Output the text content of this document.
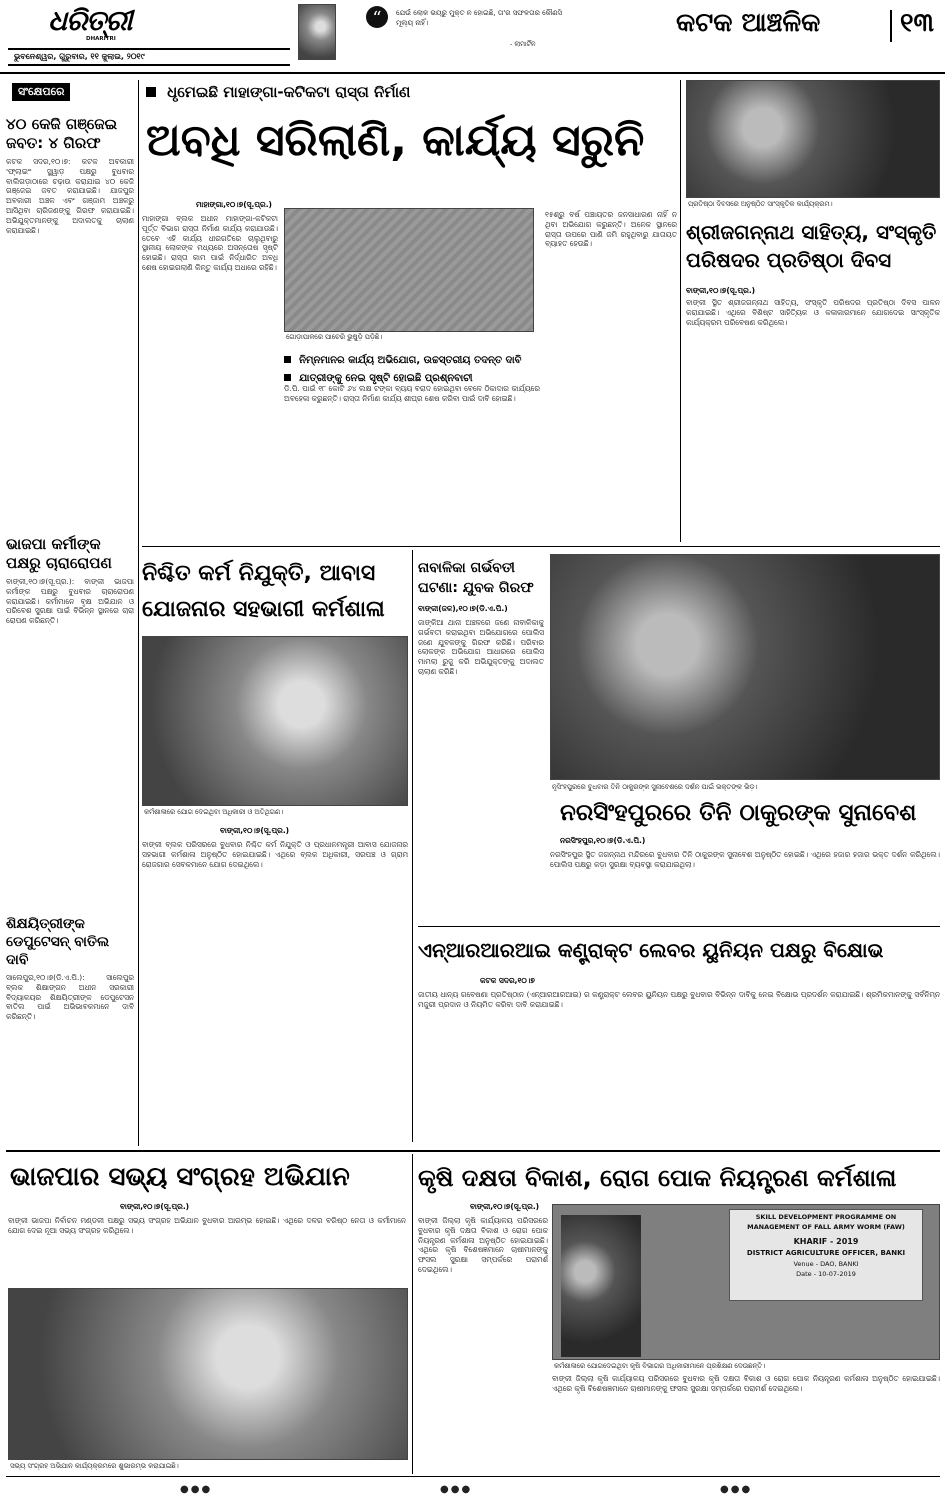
ଧରିତ୍ରୀ
DHARITRI
ଭୁବନେଶ୍ୱର, ଗୁରୁବାର, ୧୧ ଜୁଲାଇ, ୨୦୧୯
“	ଯେଉଁ ଲୋକ ଭୟରୁ ମୁକ୍ତ ନ ହୋଇଛି, ତା'ର ସଫଳତାର କୌଣସି ମୂଲ୍ୟ ନାହିଁ।
- ଲାମାର୍ଟିନ
କଟକ ଆଞ୍ଚଳିକ	୧୩
ସଂକ୍ଷେପରେ
୪୦ କେଜି ଗଞ୍ଜେଇ ଜବତ: ୪ ଗିରଫ
କଟକ ସଦର,୧୦।୭: କଟକ ଅବକାରୀ 'ଫ୍ଲାଇଂ' ସ୍କ୍ୱାଡ଼ ପକ୍ଷରୁ ବୁଧବାର ବାଲିଗଡ଼ାଠାରେ ଚଢ଼ାଉ କରାଯାଇ ୪୦ କେଜି ଗଞ୍ଜେଇ ଜବତ କରାଯାଇଛି। ଯାଜପୁର ଅବକାରୀ ଅଞ୍ଚଳ ଏବଂ ଗଞ୍ଜାମ ଅଞ୍ଚଳରୁ ଆସିଥିବା ଚାରିଜଣଙ୍କୁ ଗିରଫ କରାଯାଇଛି। ଅଭିଯୁକ୍ତମାନଙ୍କୁ ଅଦାଲତକୁ ଚାଲାଣ କରାଯାଇଛି।
ଭାଜପା କର୍ମୀଙ୍କ ପକ୍ଷରୁ ଚାରାରୋପଣ
ବାଙ୍କୀ,୧୦।୭(ସୂ.ପ୍ର.): ବାଙ୍କୀ ଭାଜପା କର୍ମୀଙ୍କ ପକ୍ଷରୁ ବୁଧବାର ଚାରାରୋପଣ କରାଯାଇଛି। କର୍ମୀମାନେ ବୃକ୍ଷ ଅଭିଯାନ ଓ ପରିବେଶ ସୁରକ୍ଷା ପାଇଁ ବିଭିନ୍ନ ସ୍ଥାନରେ ଚାରା ରୋପଣ କରିଛନ୍ତି।
ଶିକ୍ଷୟିତ୍ରୀଙ୍କ ଡେପୁଟେସନ୍ ବାତିଲ ଦାବି
ସାଲେପୁର,୧୦।୭(ଡି.ଏ.ପି.): ସାଲେପୁର ବ୍ଲକ ଶିକ୍ଷାଙ୍ଗନ ଅଧୀନ ସରକାରୀ ବିଦ୍ୟାଳୟର ଶିକ୍ଷୟିତ୍ରୀଙ୍କ ଡେପୁଟେସନ ବାତିଲ ପାଇଁ ଅଭିଭାବକମାନେ ଦାବି କରିଛନ୍ତି।
ଧୃମେଇଛି ମାହାଙ୍ଗା-କଟିକଟା ରାସ୍ତା ନିର୍ମାଣ
ଅବଧି ସରିଲାଣି, କାର୍ଯ୍ୟ ସରୁନି
ମାହାଙ୍ଗା,୧୦।୭(ସୂ.ପ୍ର.)
ମାହାଙ୍ଗା ବ୍ଲକ ଅଧୀନ ମାହାଙ୍ଗା-କଟିକଟା ପୂର୍ତ୍ତ ବିଭାଗ ରାସ୍ତା ନିର୍ମାଣ କାର୍ଯ୍ୟ କରାଯାଉଛି। ତେବେ ଏହି କାର୍ଯ୍ୟ ଧୀରଗତିରେ ଚାଲୁଥିବାରୁ ସ୍ଥାନୀୟ ଲୋକଙ୍କ ମଧ୍ୟରେ ଅସନ୍ତୋଷ ସୃଷ୍ଟି ହୋଇଛି। ରାସ୍ତା କାମ ପାଇଁ ନିର୍ଦ୍ଧାରିତ ଅବଧି ଶେଷ ହୋଇଗଲାଣି କିନ୍ତୁ କାର୍ଯ୍ୟ ଅଧାରେ ରହିଛି।
ଗୋଡ଼ାପାଳରେ ପାଚେରି ଭୁଷୁଡ଼ି ପଡ଼ିଛି।
ନିମ୍ନମାନର କାର୍ଯ୍ୟ ଅଭିଯୋଗ, ଉଚ୍ଚସ୍ତରୀୟ ତଦନ୍ତ ଦାବି
ଯାତ୍ରୀଙ୍କୁ ନେଇ ସୃଷ୍ଟି ହୋଇଛି ପ୍ରଶ୍ନବାଚୀ
ଡି.ପି. ପାଇଁ ୧୮ କୋଟି ୬୪ ଲକ୍ଷ ଟଙ୍କା ବ୍ୟୟ ବରାଦ ହୋଇଥିବା ବେଳେ ଠିକାଦାର କାର୍ଯ୍ୟରେ ଅବହେଳା କରୁଛନ୍ତି। ରାସ୍ତା ନିର୍ମାଣ କାର୍ଯ୍ୟ ଶୀଘ୍ର ଶେଷ କରିବା ପାଇଁ ଦାବି ହୋଇଛି।
୧୫ଶ୍ରୁ ବର୍ଷ ପଞ୍ଚାୟତର ଜନସାଧାରଣ ନାହିଁ ନ ଥିବା ଅଭିଯୋଗ କରୁଛନ୍ତି। ଅନେକ ସ୍ଥାନରେ ରାସ୍ତା ଉପରେ ପାଣି ଜମି ରହୁଥିବାରୁ ଯାତାୟତ ବ୍ୟାହତ ହେଉଛି।
ପ୍ରତିଷ୍ଠା ଦିବସରେ ଅନୁଷ୍ଠିତ ସାଂସ୍କୃତିକ କାର୍ଯ୍ୟକ୍ରମ।
ଶ୍ରୀଜଗନ୍ନାଥ ସାହିତ୍ୟ, ସଂସ୍କୃତି ପରିଷଦର ପ୍ରତିଷ୍ଠା ଦିବସ
ବାଙ୍କୀ,୧୦।୭(ସୂ.ପ୍ର.)
ବାଙ୍କୀ ସ୍ଥିତ ଶ୍ରୀଜଗନ୍ନାଥ ସାହିତ୍ୟ, ସଂସ୍କୃତି ପରିଷଦର ପ୍ରତିଷ୍ଠା ଦିବସ ପାଳନ କରାଯାଇଛି। ଏଥିରେ ବିଶିଷ୍ଟ ସାହିତ୍ୟିକ ଓ କଳାକାରମାନେ ଯୋଗଦେଇ ସାଂସ୍କୃତିକ କାର୍ଯ୍ୟକ୍ରମ ପରିବେଷଣ କରିଥିଲେ।
ନିଶ୍ଚିତ କର୍ମ ନିଯୁକ୍ତି, ଆବାସ ଯୋଜନାର ସହଭାଗୀ କର୍ମଶାଳା
କର୍ମଶାଳାରେ ଯୋଗ ଦେଇଥିବା ଅଧିକାରୀ ଓ ଅତିଥିଗଣ।
ବାଙ୍କୀ,୧୦।୭(ସୂ.ପ୍ର.)
ବାଙ୍କୀ ବ୍ଲକ ପରିସରରେ ବୁଧବାର ନିଶ୍ଚିତ କର୍ମ ନିଯୁକ୍ତି ଓ ପ୍ରଧାନମନ୍ତ୍ରୀ ଆବାସ ଯୋଜନାର ସହଭାଗୀ କର୍ମଶାଳା ଅନୁଷ୍ଠିତ ହୋଇଯାଇଛି। ଏଥିରେ ବ୍ଲକ ଅଧିକାରୀ, ସରପଞ୍ଚ ଓ ଗ୍ରାମ ରୋଜଗାର ସେବକମାନେ ଯୋଗ ଦେଇଥିଲେ।
ନାବାଳିକା ଗର୍ଭବତୀ ଘଟଣା: ଯୁବକ ଗିରଫ
ବାଙ୍କୀ(ଜଳ),୧୦।୭(ଡି.ଏ.ପି.)
ଜାଙ୍କିଆ ଥାନା ଅଞ୍ଚଳରେ ଜଣେ ନାବାଳିକାକୁ ଗର୍ଭବତୀ କରାଇଥିବା ଅଭିଯୋଗରେ ପୋଲିସ ଜଣେ ଯୁବକଙ୍କୁ ଗିରଫ କରିଛି। ପରିବାର ଲୋକଙ୍କ ଅଭିଯୋଗ ଆଧାରରେ ପୋଲିସ ମାମଲା ରୁଜୁ କରି ଅଭିଯୁକ୍ତଙ୍କୁ ଅଦାଲତ ଚାଲାଣ କରିଛି।
ନୃସିଂହପୁରରେ ବୁଧବାର ତିନି ଠାକୁରଙ୍କ ସୁନାବେଶରେ ଦର୍ଶନ ପାଇଁ ଭକ୍ତଙ୍କ ଭିଡ଼।
ନରସିଂହପୁରରେ ତିନି ଠାକୁରଙ୍କ ସୁନାବେଶ
ନରସିଂହପୁର,୧୦।୭(ଡି.ଏ.ପି.)
ନରସିଂହପୁର ସ୍ଥିତ ଜଗନ୍ନାଥ ମନ୍ଦିରରେ ବୁଧବାର ତିନି ଠାକୁରଙ୍କ ସୁନାବେଶ ଅନୁଷ୍ଠିତ ହୋଇଛି। ଏଥିରେ ହଜାର ହଜାର ଭକ୍ତ ଦର୍ଶନ କରିଥିଲେ। ପୋଲିସ ପକ୍ଷରୁ କଡ଼ା ସୁରକ୍ଷା ବ୍ୟବସ୍ଥା କରାଯାଇଥିଲା।
ଏନ୍ଆରଆରଆଇ କଣ୍ଟ୍ରାକ୍ଟ ଲେବର ୟୁନିୟନ ପକ୍ଷରୁ ବିକ୍ଷୋଭ
କଟକ ସଦର,୧୦।୭
ଜାତୀୟ ଧାନ୍ୟ ଗବେଷଣା ପ୍ରତିଷ୍ଠାନ (ଏନ୍ଆରଆରଆଇ) ର କଣ୍ଟ୍ରାକ୍ଟ ଲେବର ୟୁନିୟନ ପକ୍ଷରୁ ବୁଧବାର ବିଭିନ୍ନ ଦାବିକୁ ନେଇ ବିକ୍ଷୋଭ ପ୍ରଦର୍ଶନ କରାଯାଇଛି। ଶ୍ରମିକମାନଙ୍କୁ ସର୍ବନିମ୍ନ ମଜୁରୀ ପ୍ରଦାନ ଓ ନିୟମିତ କରିବା ଦାବି କରାଯାଇଛି।
ଭାଜପାର ସଭ୍ୟ ସଂଗ୍ରହ ଅଭିଯାନ
ବାଙ୍କୀ,୧୦।୭(ସୂ.ପ୍ର.)
ବାଙ୍କୀ ଭାଜପା ନିର୍ବାଚନ ମଣ୍ଡଳୀ ପକ୍ଷରୁ ସଭ୍ୟ ସଂଗ୍ରହ ଅଭିଯାନ ବୁଧବାର ଆରମ୍ଭ ହୋଇଛି। ଏଥିରେ ଦଳର ବରିଷ୍ଠ ନେତା ଓ କର୍ମୀମାନେ ଯୋଗ ଦେଇ ନୂଆ ସଭ୍ୟ ସଂଗ୍ରହ କରିଥିଲେ।
ସଭ୍ୟ ସଂଗ୍ରହ ଅଭିଯାନ କାର୍ଯ୍ୟକ୍ରମରେ ଶୁଭାରମ୍ଭ କରାଯାଇଛି।
କୃଷି ଦକ୍ଷତା ବିକାଶ, ରୋଗ ପୋକ ନିୟନ୍ତ୍ରଣ କର୍ମଶାଳା
ବାଙ୍କୀ,୧୦।୭(ସୂ.ପ୍ର.)
ବାଙ୍କୀ ଜିଲ୍ଲା କୃଷି କାର୍ଯ୍ୟାଳୟ ପରିସରରେ ବୁଧବାର କୃଷି ଦକ୍ଷତା ବିକାଶ ଓ ରୋଗ ପୋକ ନିୟନ୍ତ୍ରଣ କର୍ମଶାଳା ଅନୁଷ୍ଠିତ ହୋଇଯାଇଛି। ଏଥିରେ କୃଷି ବିଶେଷଜ୍ଞମାନେ ଚାଷୀମାନଙ୍କୁ ଫସଲ ସୁରକ୍ଷା ସମ୍ପର୍କରେ ପରାମର୍ଶ ଦେଇଥିଲେ।
SKILL DEVELOPMENT PROGRAMME ON
MANAGEMENT OF FALL ARMY WORM (FAW)
KHARIF - 2019
DISTRICT AGRICULTURE OFFICER, BANKI
Venue - DAO, BANKI
Date - 10-07-2019
କର୍ମଶାଳାରେ ଯୋଗଦେଇଥିବା କୃଷି ବିଭାଗର ଅଧିକାରୀମାନେ ପ୍ରଶିକ୍ଷଣ ଦେଉଛନ୍ତି।
ବାଙ୍କୀ ଜିଲ୍ଲା କୃଷି କାର୍ଯ୍ୟାଳୟ ପରିସରରେ ବୁଧବାର କୃଷି ଦକ୍ଷତା ବିକାଶ ଓ ରୋଗ ପୋକ ନିୟନ୍ତ୍ରଣ କର୍ମଶାଳା ଅନୁଷ୍ଠିତ ହୋଇଯାଇଛି। ଏଥିରେ କୃଷି ବିଶେଷଜ୍ଞମାନେ ଚାଷୀମାନଙ୍କୁ ଫସଲ ସୁରକ୍ଷା ସମ୍ପର୍କରେ ପରାମର୍ଶ ଦେଇଥିଲେ।
●●●	●●●	●●●
